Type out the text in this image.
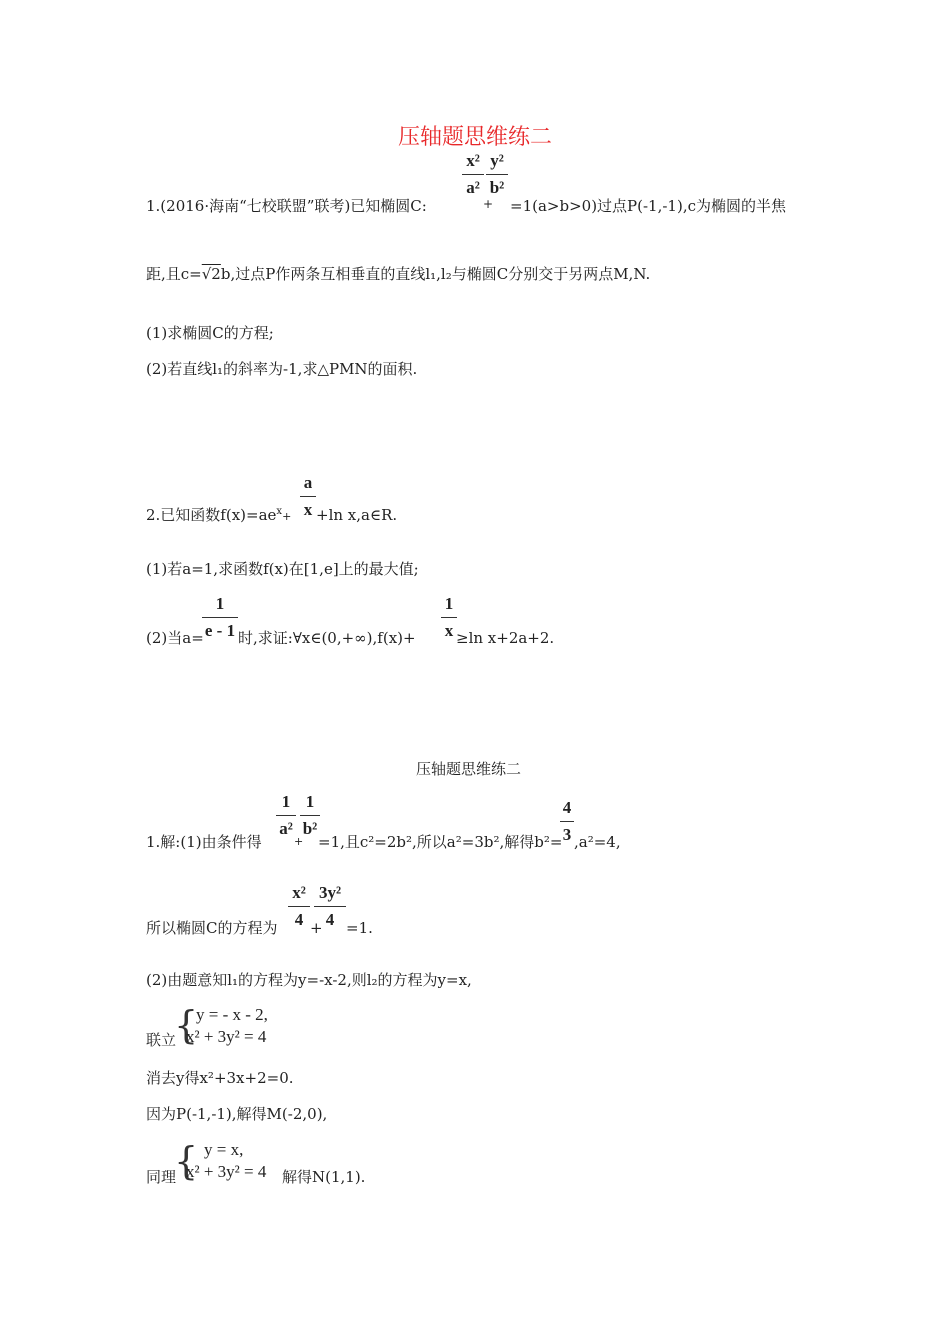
压轴题思维练二
x²
a²
y²
b²
1.(2016·海南“七校联盟”联考)已知椭圆C:	+ =1(a>b>0)过点P(-1,-1),c为椭圆的半焦
距,且c=√2b,过点P作两条互相垂直的直线l₁,l₂与椭圆C分别交于另两点M,N.
(1)求椭圆C的方程;
(2)若直线l₁的斜率为-1,求△PMN的面积.
a
x
2.已知函数$f(x)=ae^x+ +\ln$ x,a∈R.
(1)若a=1,求函数f(x)在[1,e]上的最大值;
1
e - 1
1
x
(2)当a= 时,求证:∀x∈(0,+∞),f(x)+	≥ln x+2a+2.
压轴题思维练二
1
a²
1
b²
4
3
1.解:(1)由条件得	+ =1,且c²=2b²,所以a²=3b²,解得b²= ,a²=4,
x²
4
3y²
4
所以椭圆C的方程为 + =1.
(2)由题意知l₁的方程为y=-x-2,则l₂的方程为y=x,
联立
{
y = - x - 2,
x² + 3y² = 4
消去y得x²+3x+2=0.
因为P(-1,-1),解得M(-2,0),
同理
{ y = x,
x² + 3y² = 4 解得N(1,1).
